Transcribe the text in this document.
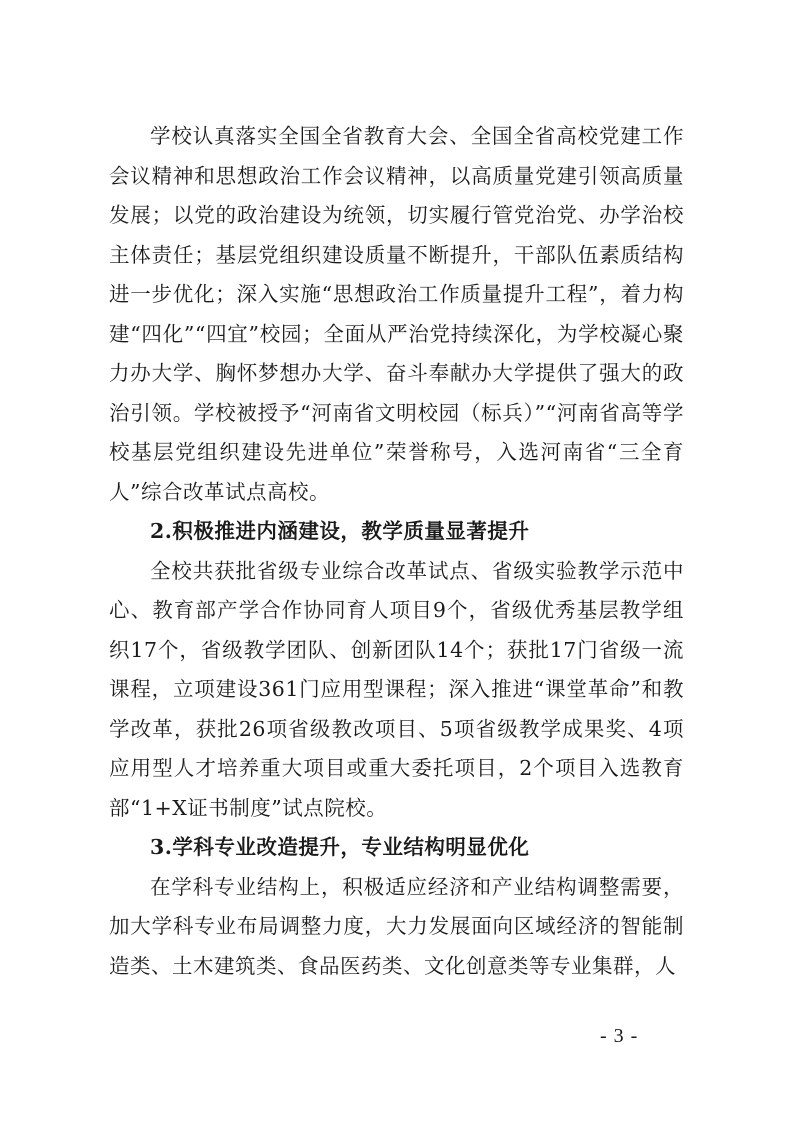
学校认真落实全国全省教育大会、全国全省高校党建工作会议精神和思想政治工作会议精神，以高质量党建引领高质量发展；以党的政治建设为统领，切实履行管党治党、办学治校主体责任；基层党组织建设质量不断提升，干部队伍素质结构进一步优化；深入实施“思想政治工作质量提升工程”，着力构建“四化”“四宜”校园；全面从严治党持续深化，为学校凝心聚力办大学、胸怀梦想办大学、奋斗奉献办大学提供了强大的政治引领。学校被授予“河南省文明校园（标兵）”“河南省高等学校基层党组织建设先进单位”荣誉称号，入选河南省“三全育人”综合改革试点高校。

2.积极推进内涵建设，教学质量显著提升

全校共获批省级专业综合改革试点、省级实验教学示范中心、教育部产学合作协同育人项目9个，省级优秀基层教学组织17个，省级教学团队、创新团队14个；获批17门省级一流课程，立项建设361门应用型课程；深入推进“课堂革命”和教学改革，获批26项省级教改项目、5项省级教学成果奖、4项应用型人才培养重大项目或重大委托项目，2个项目入选教育部“1+X证书制度”试点院校。

3.学科专业改造提升，专业结构明显优化

在学科专业结构上，积极适应经济和产业结构调整需要，加大学科专业布局调整力度，大力发展面向区域经济的智能制造类、土木建筑类、食品医药类、文化创意类等专业集群，人

- 3 -
